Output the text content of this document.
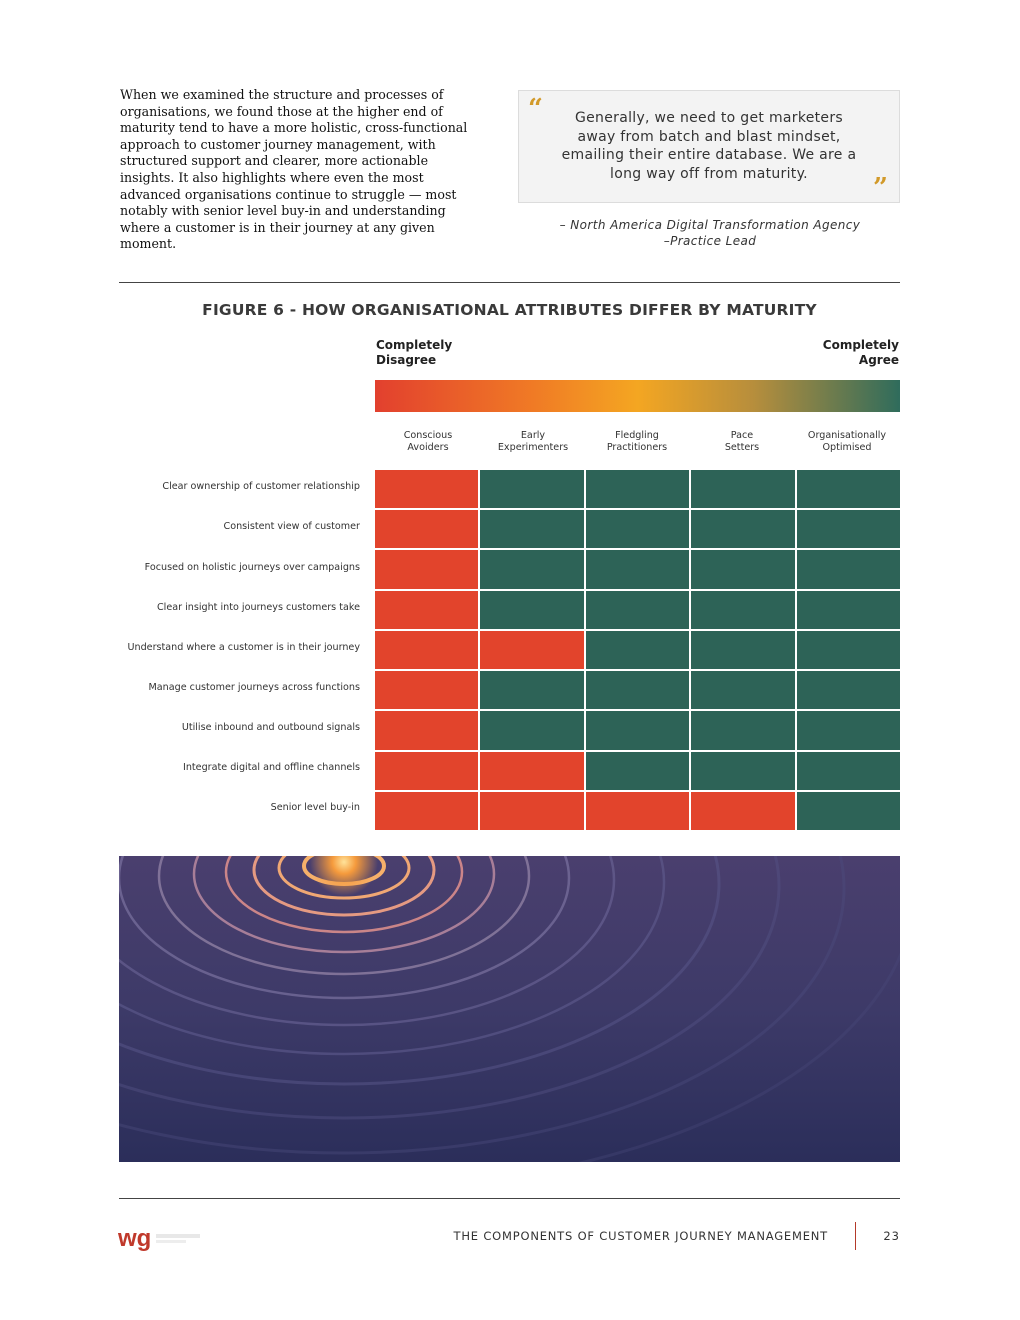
When we examined the structure and processes of organisations, we found those at the higher end of maturity tend to have a more holistic, cross-functional approach to customer journey management, with structured support and clearer, more actionable insights. It also highlights where even the most advanced organisations continue to struggle — most notably with senior level buy-in and understanding where a customer is in their journey at any given moment.
“	Generally, we need to get marketers away from batch and blast mindset, emailing their entire database. We are a long way off from maturity.	”
– North America Digital Transformation Agency
–Practice Lead
FIGURE 6 - HOW ORGANISATIONAL ATTRIBUTES DIFFER BY MATURITY
Completely
Disagree
Completely
Agree
Conscious
Avoiders
Early
Experimenters
Fledgling
Practitioners
Pace
Setters
Organisationally
Optimised
Clear ownership of customer relationship
Consistent view of customer
Focused on holistic journeys over campaigns
Clear insight into journeys customers take
Understand where a customer is in their journey
Manage customer journeys across functions
Utilise inbound and outbound signals
Integrate digital and offline channels
Senior level buy-in
wg	THE COMPONENTS OF CUSTOMER JOURNEY MANAGEMENT	23
